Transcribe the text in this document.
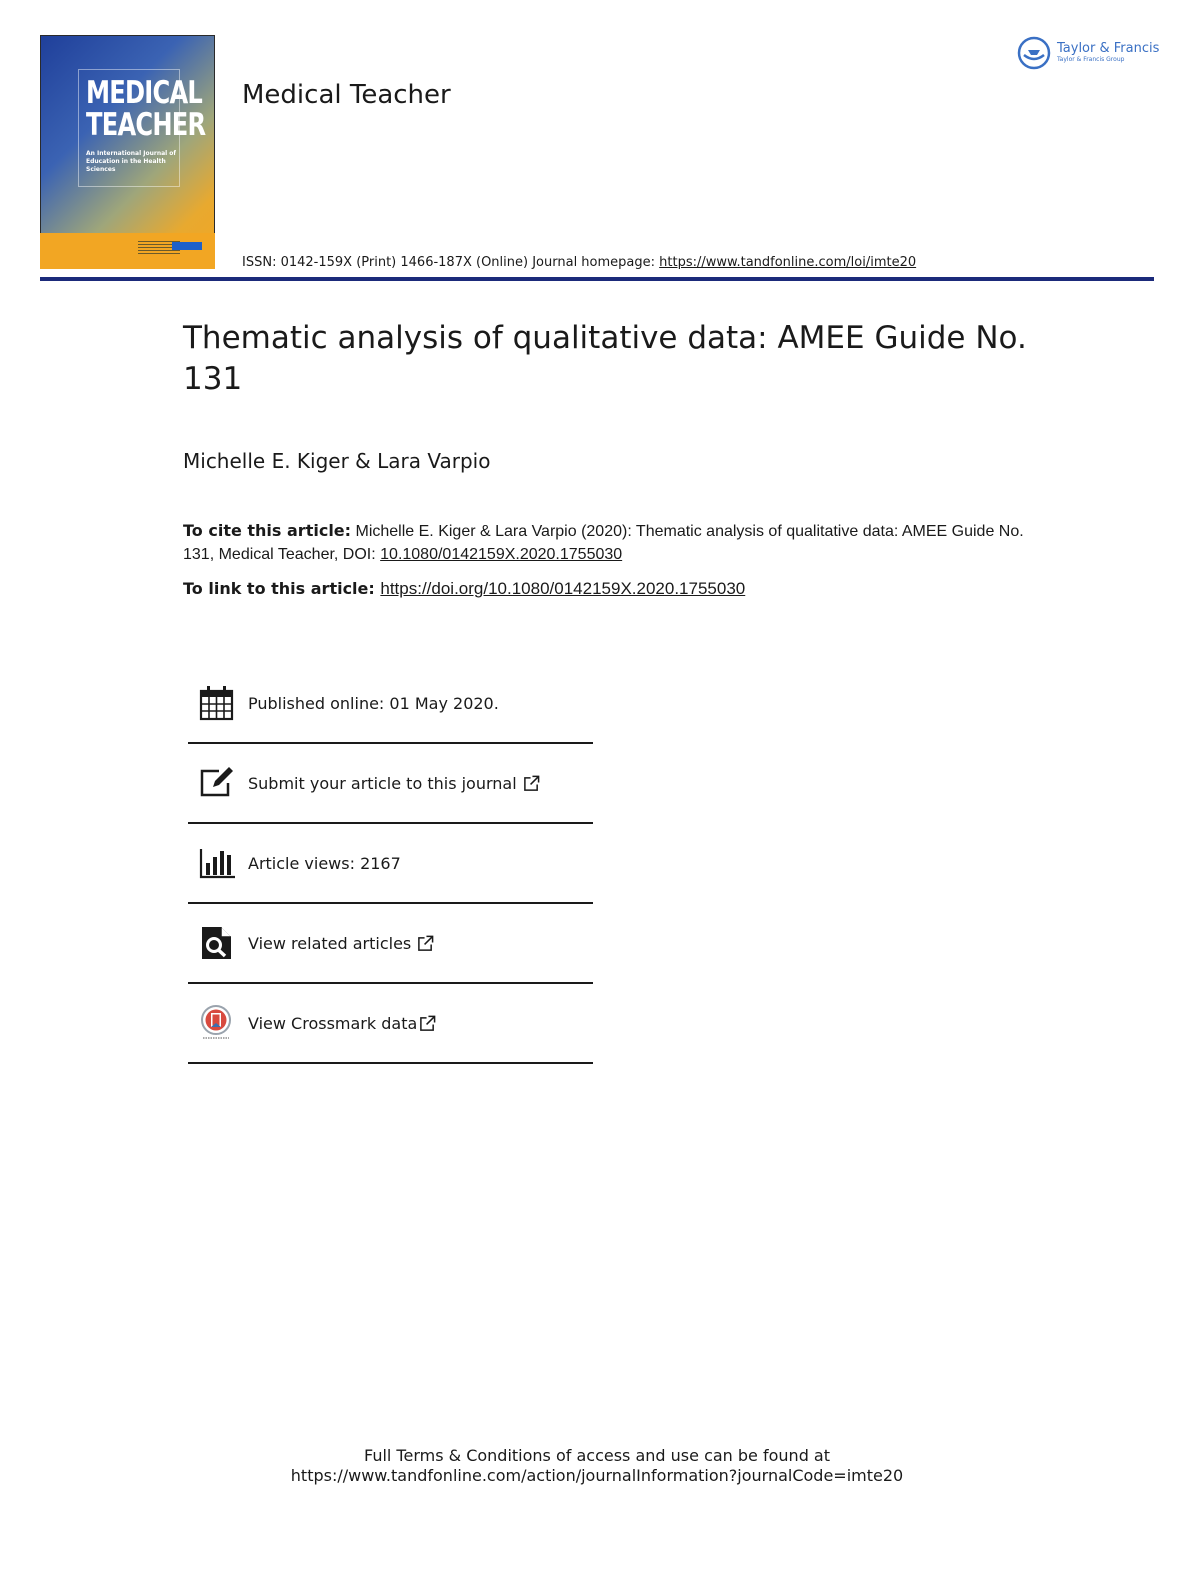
MEDICAL
TEACHER
An International Journal of Education in the Health Sciences
Medical Teacher
Taylor & Francis
Taylor & Francis Group
ISSN: 0142-159X (Print) 1466-187X (Online) Journal homepage: https://www.tandfonline.com/loi/imte20
Thematic analysis of qualitative data: AMEE Guide No. 131
Michelle E. Kiger & Lara Varpio
To cite this article: Michelle E. Kiger & Lara Varpio (2020): Thematic analysis of qualitative data: AMEE Guide No. 131, Medical Teacher, DOI: 10.1080/0142159X.2020.1755030
To link to this article: https://doi.org/10.1080/0142159X.2020.1755030
Published online: 01 May 2020.
Submit your article to this journal
Article views: 2167
View related articles
View Crossmark data
Full Terms & Conditions of access and use can be found at
https://www.tandfonline.com/action/journalInformation?journalCode=imte20
